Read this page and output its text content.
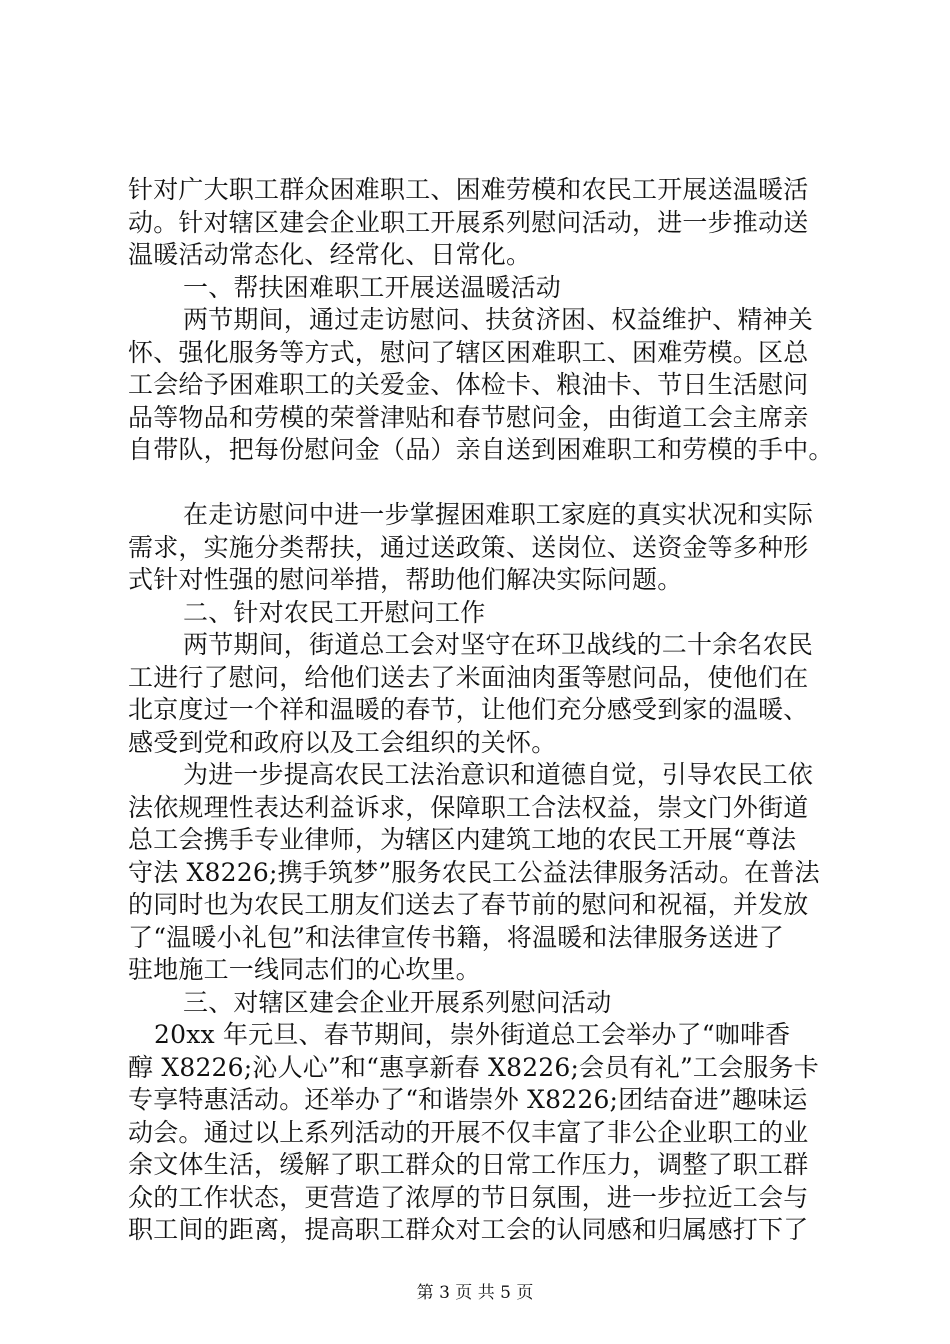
针对广大职工群众困难职工、困难劳模和农民工开展送温暖活
动。针对辖区建会企业职工开展系列慰问活动，进一步推动送
温暖活动常态化、经常化、日常化。
一、帮扶困难职工开展送温暖活动
两节期间，通过走访慰问、扶贫济困、权益维护、精神关
怀、强化服务等方式，慰问了辖区困难职工、困难劳模。区总
工会给予困难职工的关爱金、体检卡、粮油卡、节日生活慰问
品等物品和劳模的荣誉津贴和春节慰问金，由街道工会主席亲
自带队，把每份慰问金（品）亲自送到困难职工和劳模的手中。
在走访慰问中进一步掌握困难职工家庭的真实状况和实际
需求，实施分类帮扶，通过送政策、送岗位、送资金等多种形
式针对性强的慰问举措，帮助他们解决实际问题。
二、针对农民工开慰问工作
两节期间，街道总工会对坚守在环卫战线的二十余名农民
工进行了慰问，给他们送去了米面油肉蛋等慰问品，使他们在
北京度过一个祥和温暖的春节，让他们充分感受到家的温暖、
感受到党和政府以及工会组织的关怀。
为进一步提高农民工法治意识和道德自觉，引导农民工依
法依规理性表达利益诉求，保障职工合法权益，崇文门外街道
总工会携手专业律师，为辖区内建筑工地的农民工开展“尊法
守法 X8226;携手筑梦”服务农民工公益法律服务活动。在普法
的同时也为农民工朋友们送去了春节前的慰问和祝福，并发放
了“温暖小礼包”和法律宣传书籍，将温暖和法律服务送进了
驻地施工一线同志们的心坎里。
三、对辖区建会企业开展系列慰问活动
20xx 年元旦、春节期间，崇外街道总工会举办了“咖啡香
醇 X8226;沁人心”和“惠享新春 X8226;会员有礼”工会服务卡
专享特惠活动。还举办了“和谐崇外 X8226;团结奋进”趣味运
动会。通过以上系列活动的开展不仅丰富了非公企业职工的业
余文体生活，缓解了职工群众的日常工作压力，调整了职工群
众的工作状态，更营造了浓厚的节日氛围，进一步拉近工会与
职工间的距离，提高职工群众对工会的认同感和归属感打下了
第 3 页 共 5 页
